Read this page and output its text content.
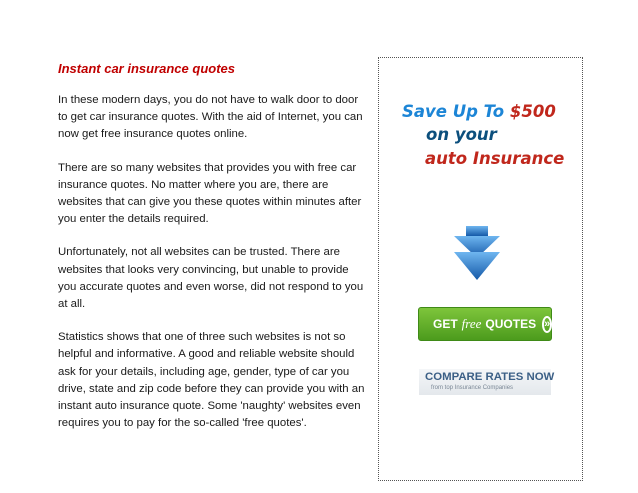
Instant car insurance quotes

In these modern days, you do not have to walk door to door to get car insurance quotes. With the aid of Internet, you can now get free insurance quotes online.

There are so many websites that provides you with free car insurance quotes. No matter where you are, there are websites that can give you these quotes within minutes after you enter the details required.

Unfortunately, not all websites can be trusted. There are websites that looks very convincing, but unable to provide you accurate quotes and even worse, did not respond to you at all.

Statistics shows that one of three such websites is not so helpful and informative. A good and reliable website should ask for your details, including age, gender, type of car you drive, state and zip code before they can provide you with an instant auto insurance quote. Some 'naughty' websites even requires you to pay for the so-called 'free quotes'.

Save Up To $500
on your
auto Insurance
GET free QUOTES »
COMPARE RATES NOW
from top Insurance Companies
